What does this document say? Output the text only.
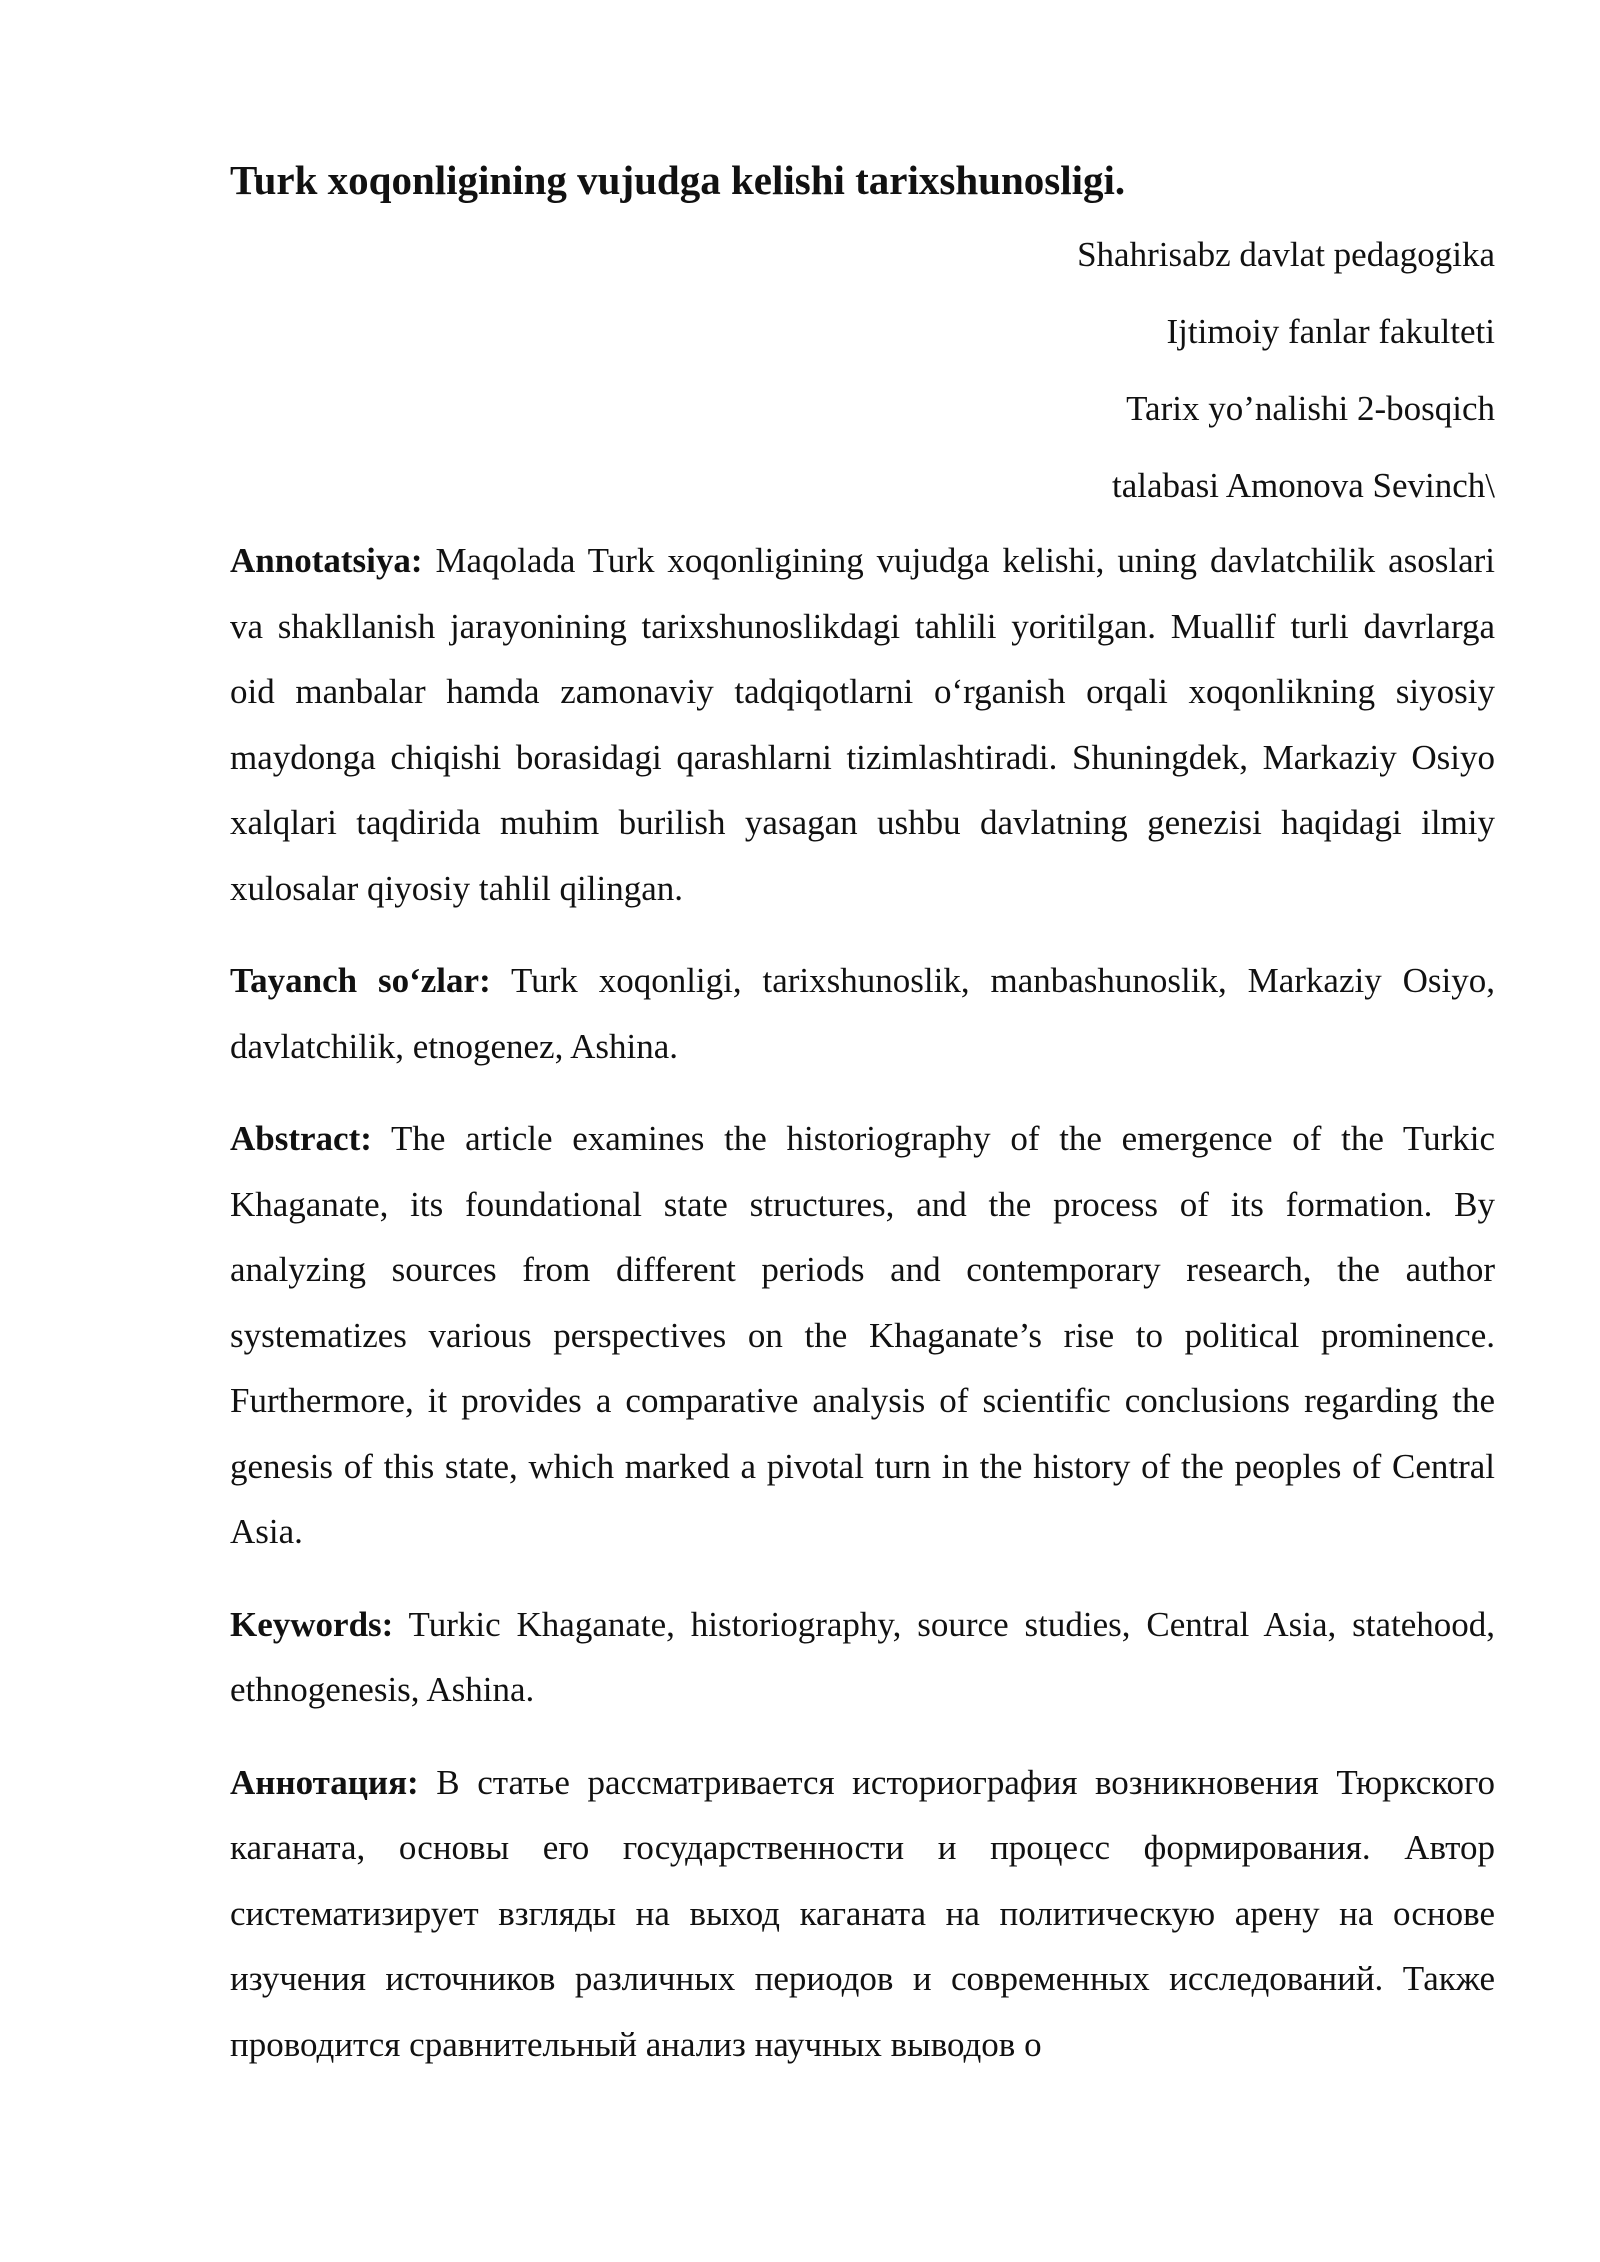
Turk xoqonligining vujudga kelishi tarixshunosligi.
Shahrisabz davlat pedagogika
Ijtimoiy fanlar fakulteti
Tarix yo’nalishi 2-bosqich
talabasi Amonova Sevinch\

Annotatsiya: Maqolada Turk xoqonligining vujudga kelishi, uning davlatchilik asoslari va shakllanish jarayonining tarixshunoslikdagi tahlili yoritilgan. Muallif turli davrlarga oid manbalar hamda zamonaviy tadqiqotlarni o‘rganish orqali xoqonlikning siyosiy maydonga chiqishi borasidagi qarashlarni tizimlashtiradi. Shuningdek, Markaziy Osiyo xalqlari taqdirida muhim burilish yasagan ushbu davlatning genezisi haqidagi ilmiy xulosalar qiyosiy tahlil qilingan.

Tayanch so‘zlar: Turk xoqonligi, tarixshunoslik, manbashunoslik, Markaziy Osiyo, davlatchilik, etnogenez, Ashina.

Abstract: The article examines the historiography of the emergence of the Turkic Khaganate, its foundational state structures, and the process of its formation. By analyzing sources from different periods and contemporary research, the author systematizes various perspectives on the Khaganate’s rise to political prominence. Furthermore, it provides a comparative analysis of scientific conclusions regarding the genesis of this state, which marked a pivotal turn in the history of the peoples of Central Asia.

Keywords: Turkic Khaganate, historiography, source studies, Central Asia, statehood, ethnogenesis, Ashina.

Аннотация: В статье рассматривается историография возникновения Тюркского каганата, основы его государственности и процесс формирования. Автор систематизирует взгляды на выход каганата на политическую арену на основе изучения источников различных периодов и современных исследований. Также проводится сравнительный анализ научных выводов о
